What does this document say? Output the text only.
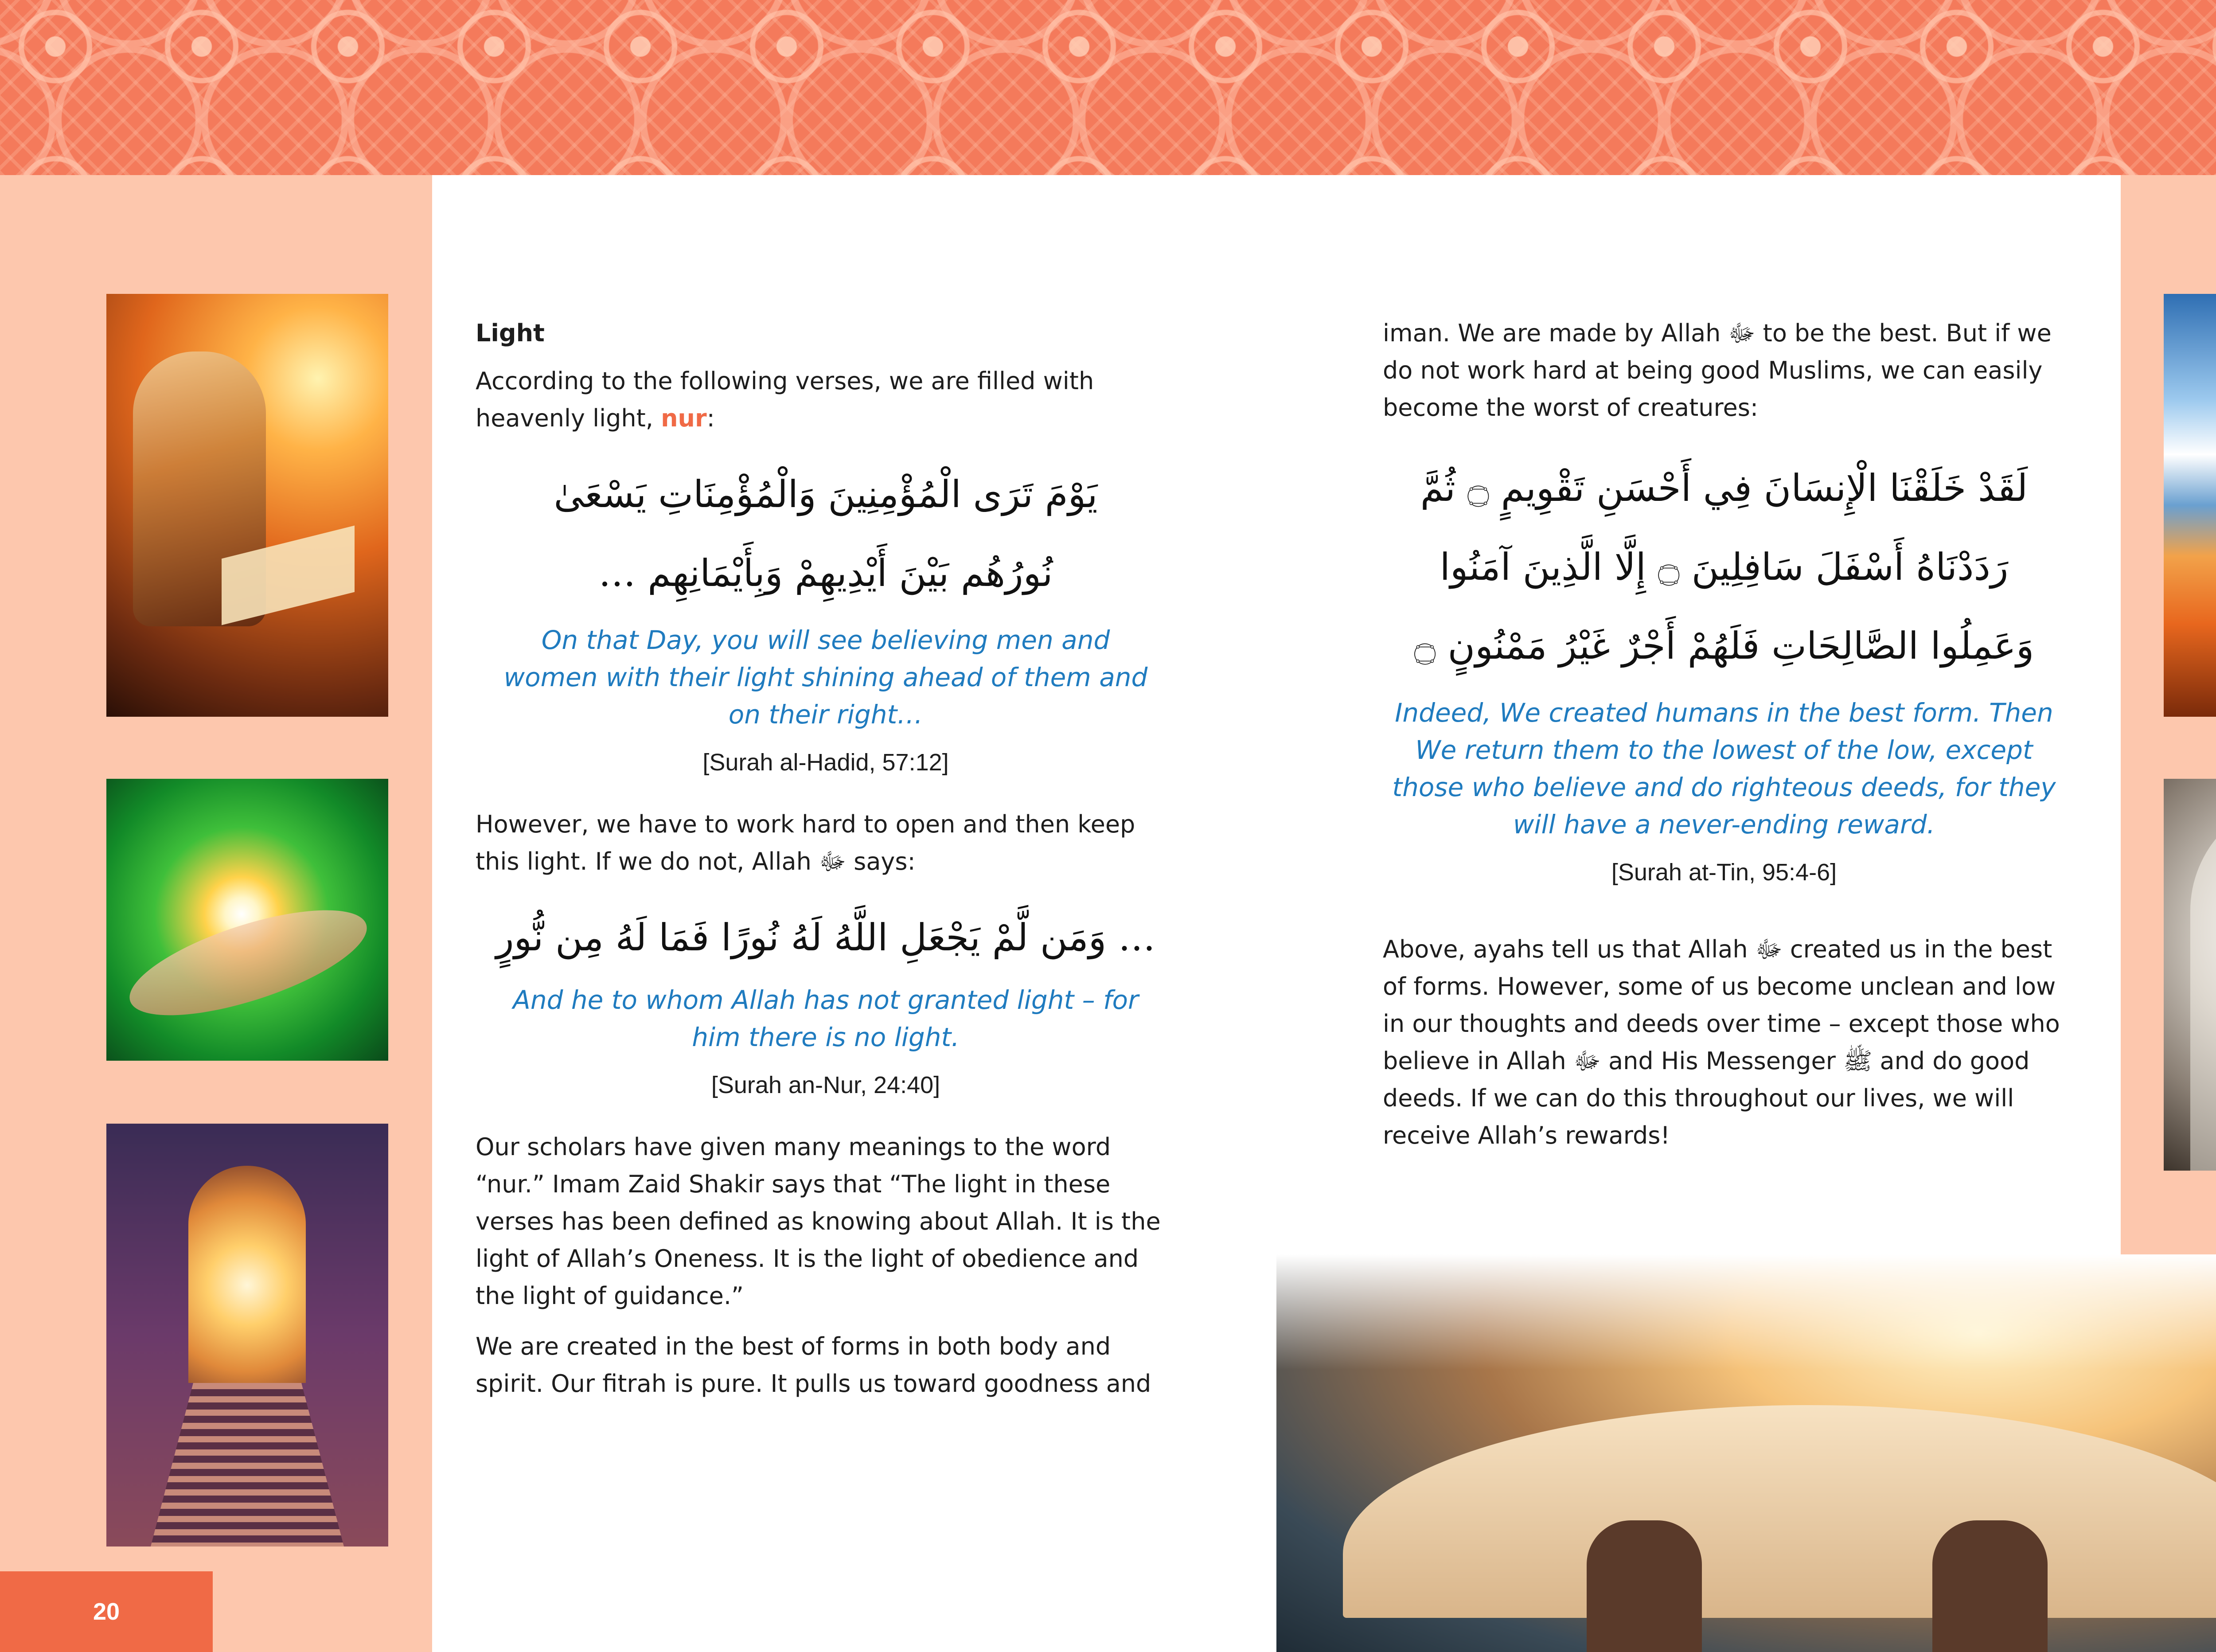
Light

According to the following verses, we are filled with heavenly light, nur:

يَوْمَ تَرَى الْمُؤْمِنِينَ وَالْمُؤْمِنَاتِ يَسْعَىٰ نُورُهُم بَيْنَ أَيْدِيهِمْ وَبِأَيْمَانِهِم …

On that Day, you will see believing men and women with their light shining ahead of them and on their right…

[Surah al-Hadid, 57:12]

However, we have to work hard to open and then keep this light. If we do not, Allah ﷻ says:

… وَمَن لَّمْ يَجْعَلِ اللَّهُ لَهُ نُورًا فَمَا لَهُ مِن نُّورٍ

And he to whom Allah has not granted light – for him there is no light.

[Surah an-Nur, 24:40]

Our scholars have given many meanings to the word “nur.” Imam Zaid Shakir says that “The light in these verses has been defined as knowing about Allah. It is the light of Allah’s Oneness. It is the light of obedience and the light of guidance.”

We are created in the best of forms in both body and spirit. Our fitrah is pure. It pulls us toward goodness and

iman. We are made by Allah ﷻ to be the best. But if we do not work hard at being good Muslims, we can easily become the worst of creatures:

لَقَدْ خَلَقْنَا الْإِنسَانَ فِي أَحْسَنِ تَقْوِيمٍ ۝ ثُمَّ رَدَدْنَاهُ أَسْفَلَ سَافِلِينَ ۝ إِلَّا الَّذِينَ آمَنُوا وَعَمِلُوا الصَّالِحَاتِ فَلَهُمْ أَجْرٌ غَيْرُ مَمْنُونٍ ۝

Indeed, We created humans in the best form. Then We return them to the lowest of the low, except those who believe and do righteous deeds, for they will have a never-ending reward.

[Surah at-Tin, 95:4-6]

Above, ayahs tell us that Allah ﷻ created us in the best of forms. However, some of us become unclean and low in our thoughts and deeds over time – except those who believe in Allah ﷻ and His Messenger ﷺ and do good deeds. If we can do this throughout our lives, we will receive Allah’s rewards!

20
